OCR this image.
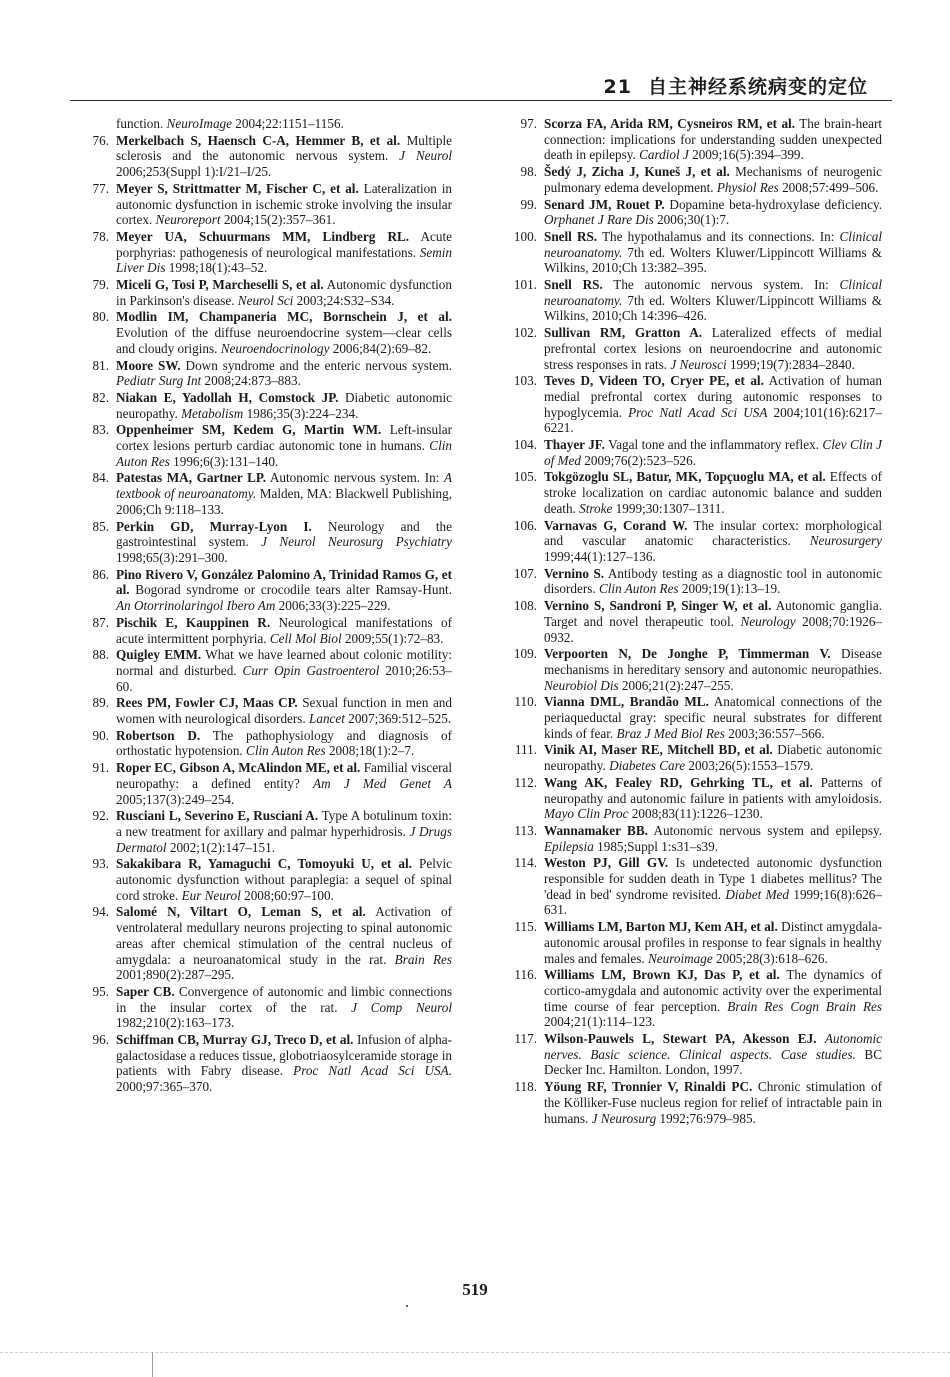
21 自主神经系统病变的定位
function. NeuroImage 2004;22:1151–1156.
76. Merkelbach S, Haensch C-A, Hemmer B, et al. Multiple sclerosis and the autonomic nervous system. J Neurol 2006;253(Suppl 1):I/21–I/25.
77. Meyer S, Strittmatter M, Fischer C, et al. Lateralization in autonomic dysfunction in ischemic stroke involving the insular cortex. Neuroreport 2004;15(2):357–361.
78. Meyer UA, Schuurmans MM, Lindberg RL. Acute porphyrias: pathogenesis of neurological manifestations. Semin Liver Dis 1998;18(1):43–52.
79. Miceli G, Tosi P, Marcheselli S, et al. Autonomic dysfunction in Parkinson's disease. Neurol Sci 2003;24:S32–S34.
80. Modlin IM, Champaneria MC, Bornschein J, et al. Evolution of the diffuse neuroendocrine system—clear cells and cloudy origins. Neuroendocrinology 2006;84(2):69–82.
81. Moore SW. Down syndrome and the enteric nervous system. Pediatr Surg Int 2008;24:873–883.
82. Niakan E, Yadollah H, Comstock JP. Diabetic autonomic neuropathy. Metabolism 1986;35(3):224–234.
83. Oppenheimer SM, Kedem G, Martin WM. Left-insular cortex lesions perturb cardiac autonomic tone in humans. Clin Auton Res 1996;6(3):131–140.
84. Patestas MA, Gartner LP. Autonomic nervous system. In: A textbook of neuroanatomy. Malden, MA: Blackwell Publishing, 2006;Ch 9:118–133.
85. Perkin GD, Murray-Lyon I. Neurology and the gastrointestinal system. J Neurol Neurosurg Psychiatry 1998;65(3):291–300.
86. Pino Rivero V, González Palomino A, Trinidad Ramos G, et al. Bogorad syndrome or crocodile tears alter Ramsay-Hunt. An Otorrinolaringol Ibero Am 2006;33(3):225–229.
87. Pischik E, Kauppinen R. Neurological manifestations of acute intermittent porphyria. Cell Mol Biol 2009;55(1):72–83.
88. Quigley EMM. What we have learned about colonic motility: normal and disturbed. Curr Opin Gastroenterol 2010;26:53–60.
89. Rees PM, Fowler CJ, Maas CP. Sexual function in men and women with neurological disorders. Lancet 2007;369:512–525.
90. Robertson D. The pathophysiology and diagnosis of orthostatic hypotension. Clin Auton Res 2008;18(1):2–7.
91. Roper EC, Gibson A, McAlindon ME, et al. Familial visceral neuropathy: a defined entity? Am J Med Genet A 2005;137(3):249–254.
92. Rusciani L, Severino E, Rusciani A. Type A botulinum toxin: a new treatment for axillary and palmar hyperhidrosis. J Drugs Dermatol 2002;1(2):147–151.
93. Sakakibara R, Yamaguchi C, Tomoyuki U, et al. Pelvic autonomic dysfunction without paraplegia: a sequel of spinal cord stroke. Eur Neurol 2008;60:97–100.
94. Salomé N, Viltart O, Leman S, et al. Activation of ventrolateral medullary neurons projecting to spinal autonomic areas after chemical stimulation of the central nucleus of amygdala: a neuroanatomical study in the rat. Brain Res 2001;890(2):287–295.
95. Saper CB. Convergence of autonomic and limbic connections in the insular cortex of the rat. J Comp Neurol 1982;210(2):163–173.
96. Schiffman CB, Murray GJ, Treco D, et al. Infusion of alpha-galactosidase a reduces tissue, globotriaosylceramide storage in patients with Fabry disease. Proc Natl Acad Sci USA. 2000;97:365–370.
97. Scorza FA, Arida RM, Cysneiros RM, et al. The brain-heart connection: implications for understanding sudden unexpected death in epilepsy. Cardiol J 2009;16(5):394–399.
98. Šedý J, Zicha J, Kuneš J, et al. Mechanisms of neurogenic pulmonary edema development. Physiol Res 2008;57:499–506.
99. Senard JM, Rouet P. Dopamine beta-hydroxylase deficiency. Orphanet J Rare Dis 2006;30(1):7.
100. Snell RS. The hypothalamus and its connections. In: Clinical neuroanatomy. 7th ed. Wolters Kluwer/Lippincott Williams & Wilkins, 2010;Ch 13:382–395.
101. Snell RS. The autonomic nervous system. In: Clinical neuroanatomy. 7th ed. Wolters Kluwer/Lippincott Williams & Wilkins, 2010;Ch 14:396–426.
102. Sullivan RM, Gratton A. Lateralized effects of medial prefrontal cortex lesions on neuroendocrine and autonomic stress responses in rats. J Neurosci 1999;19(7):2834–2840.
103. Teves D, Videen TO, Cryer PE, et al. Activation of human medial prefrontal cortex during autonomic responses to hypoglycemia. Proc Natl Acad Sci USA 2004;101(16):6217–6221.
104. Thayer JF. Vagal tone and the inflammatory reflex. Clev Clin J of Med 2009;76(2):523–526.
105. Tokgözoglu SL, Batur, MK, Topçuoglu MA, et al. Effects of stroke localization on cardiac autonomic balance and sudden death. Stroke 1999;30:1307–1311.
106. Varnavas G, Corand W. The insular cortex: morphological and vascular anatomic characteristics. Neurosurgery 1999;44(1):127–136.
107. Vernino S. Antibody testing as a diagnostic tool in autonomic disorders. Clin Auton Res 2009;19(1):13–19.
108. Vernino S, Sandroni P, Singer W, et al. Autonomic ganglia. Target and novel therapeutic tool. Neurology 2008;70:1926–0932.
109. Verpoorten N, De Jonghe P, Timmerman V. Disease mechanisms in hereditary sensory and autonomic neuropathies. Neurobiol Dis 2006;21(2):247–255.
110. Vianna DML, Brandão ML. Anatomical connections of the periaqueductal gray: specific neural substrates for different kinds of fear. Braz J Med Biol Res 2003;36:557–566.
111. Vinik AI, Maser RE, Mitchell BD, et al. Diabetic autonomic neuropathy. Diabetes Care 2003;26(5):1553–1579.
112. Wang AK, Fealey RD, Gehrking TL, et al. Patterns of neuropathy and autonomic failure in patients with amyloidosis. Mayo Clin Proc 2008;83(11):1226–1230.
113. Wannamaker BB. Autonomic nervous system and epilepsy. Epilepsia 1985;Suppl 1:s31–s39.
114. Weston PJ, Gill GV. Is undetected autonomic dysfunction responsible for sudden death in Type 1 diabetes mellitus? The 'dead in bed' syndrome revisited. Diabet Med 1999;16(8):626–631.
115. Williams LM, Barton MJ, Kem AH, et al. Distinct amygdala-autonomic arousal profiles in response to fear signals in healthy males and females. Neuroimage 2005;28(3):618–626.
116. Williams LM, Brown KJ, Das P, et al. The dynamics of cortico-amygdala and autonomic activity over the experimental time course of fear perception. Brain Res Cogn Brain Res 2004;21(1):114–123.
117. Wilson-Pauwels L, Stewart PA, Akesson EJ. Autonomic nerves. Basic science. Clinical aspects. Case studies. BC Decker Inc. Hamilton. London, 1997.
118. Yöung RF, Tronnier V, Rinaldi PC. Chronic stimulation of the Kölliker-Fuse nucleus region for relief of intractable pain in humans. J Neurosurg 1992;76:979–985.
519
